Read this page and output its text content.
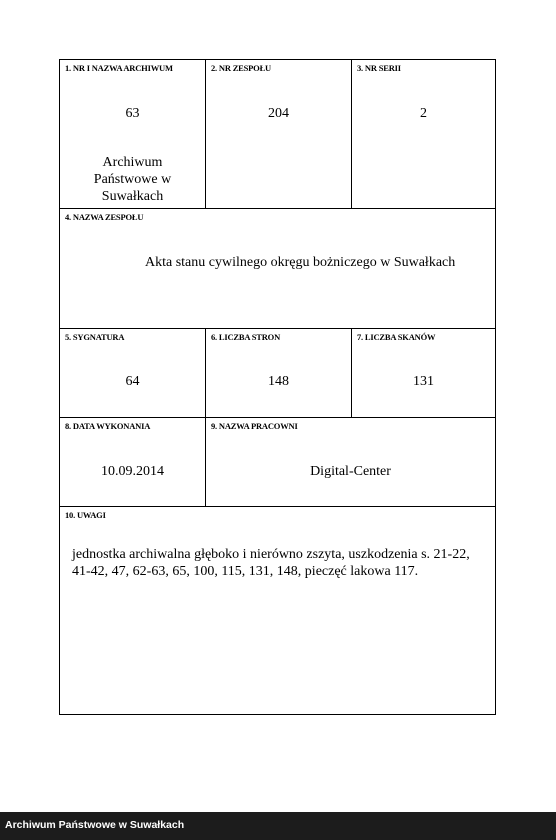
1. NR I NAZWA ARCHIWUM
63
Archiwum
Państwowe w
Suwałkach
2. NR ZESPOŁU
204
3. NR SERII
2
4. NAZWA ZESPOŁU
Akta stanu cywilnego okręgu bożniczego w Suwałkach
5. SYGNATURA
64
6. LICZBA STRON
148
7. LICZBA SKANÓW
131
8. DATA WYKONANIA
10.09.2014
9. NAZWA PRACOWNI
Digital-Center
10. UWAGI
jednostka archiwalna głęboko i nierówno zszyta, uszkodzenia s. 21-22,
41-42, 47, 62-63, 65, 100, 115, 131, 148, pieczęć lakowa 117.
Archiwum Państwowe w Suwałkach
